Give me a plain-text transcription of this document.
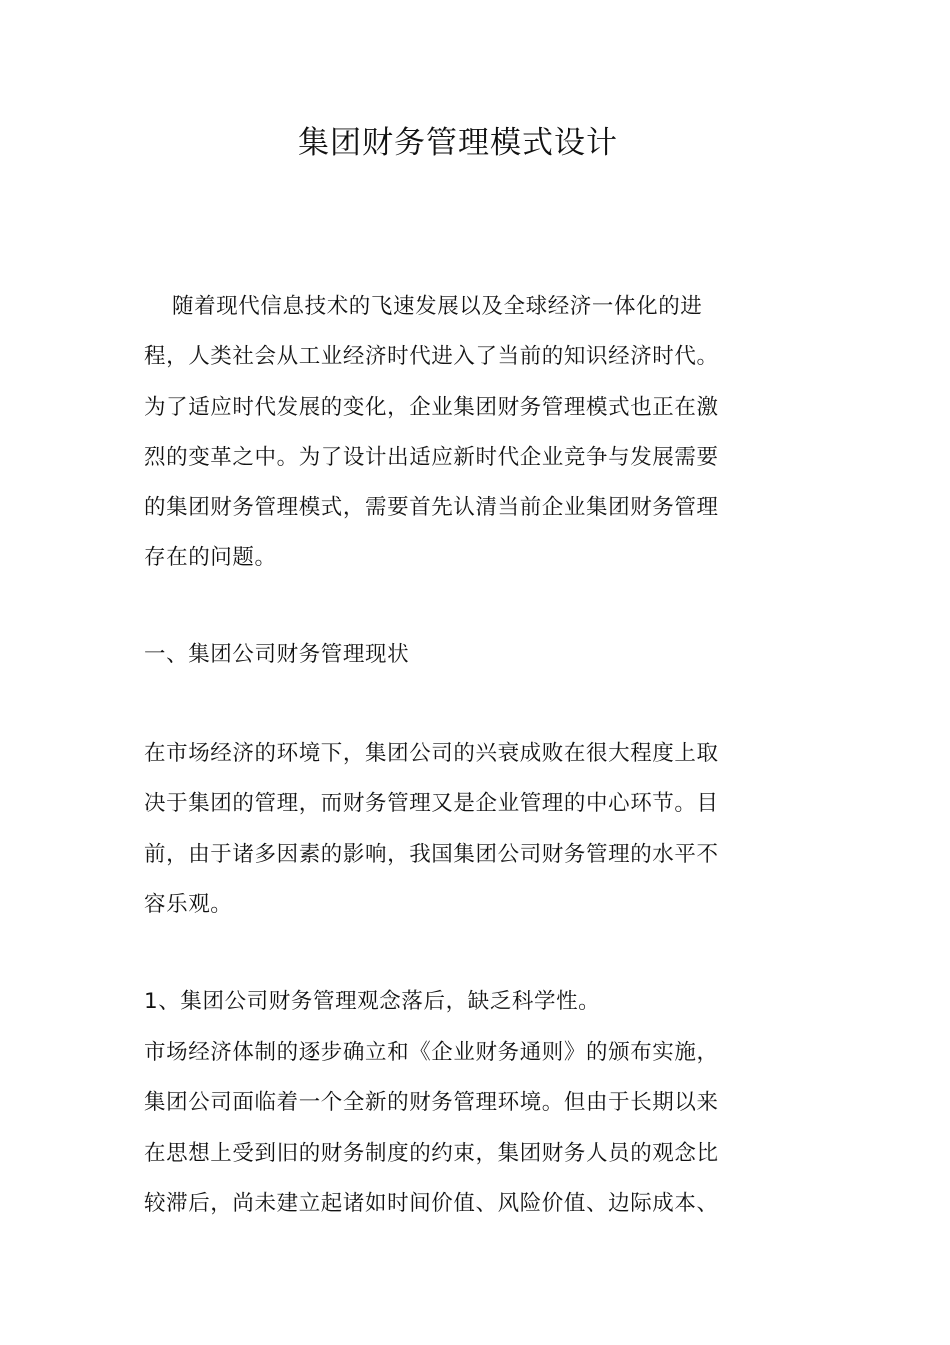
集团财务管理模式设计

随着现代信息技术的飞速发展以及全球经济一体化的进
程，人类社会从工业经济时代进入了当前的知识经济时代。
为了适应时代发展的变化，企业集团财务管理模式也正在激
烈的变革之中。为了设计出适应新时代企业竞争与发展需要
的集团财务管理模式，需要首先认清当前企业集团财务管理
存在的问题。

一、集团公司财务管理现状

在市场经济的环境下，集团公司的兴衰成败在很大程度上取
决于集团的管理，而财务管理又是企业管理的中心环节。目
前，由于诸多因素的影响，我国集团公司财务管理的水平不
容乐观。

1、集团公司财务管理观念落后，缺乏科学性。

市场经济体制的逐步确立和《企业财务通则》的颁布实施，
集团公司面临着一个全新的财务管理环境。但由于长期以来
在思想上受到旧的财务制度的约束，集团财务人员的观念比
较滞后，尚未建立起诸如时间价值、风险价值、边际成本、
